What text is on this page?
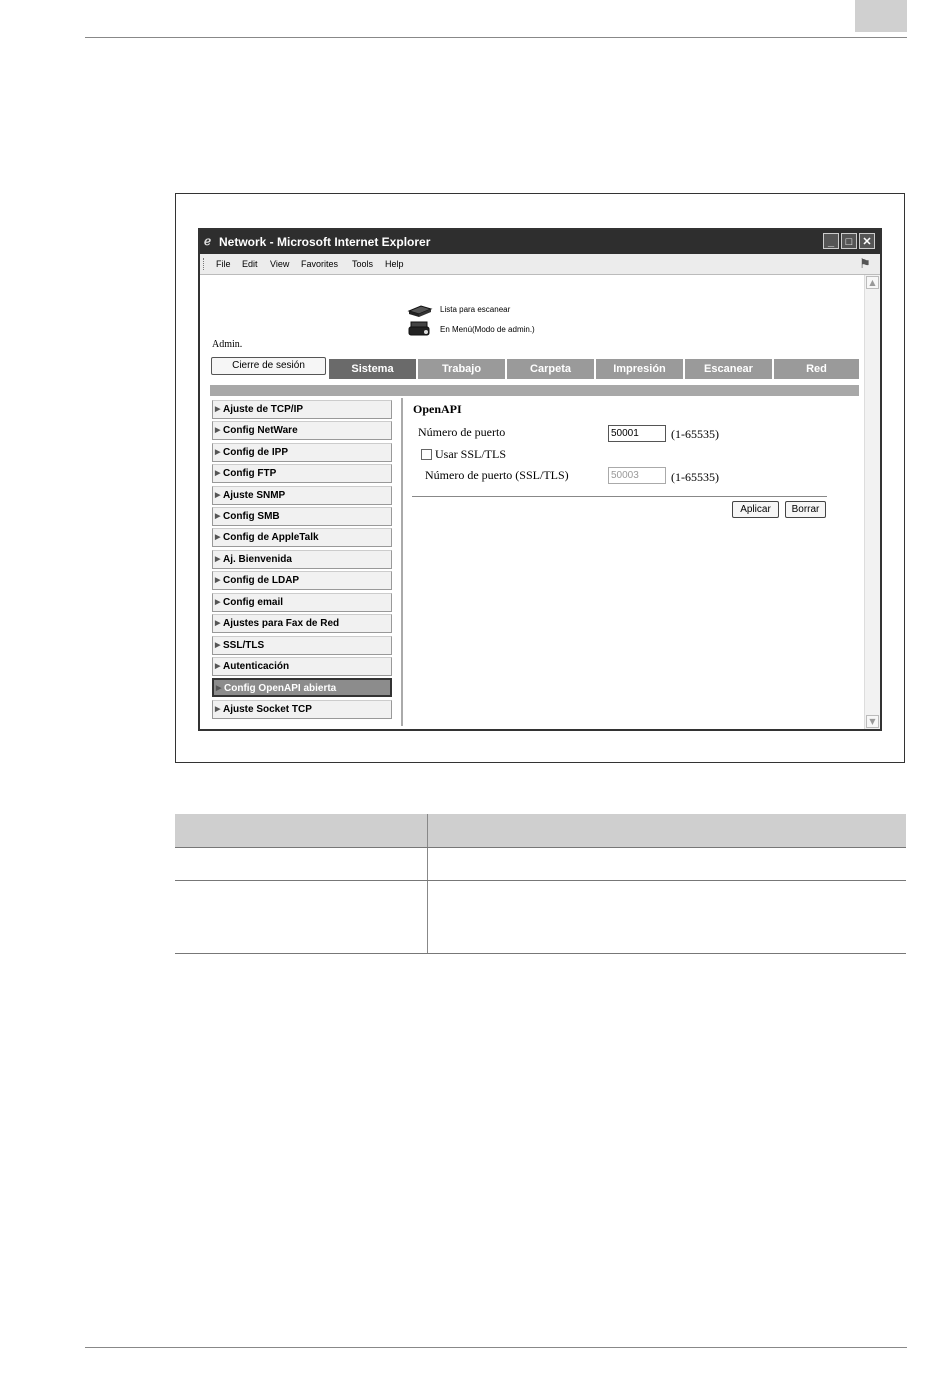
ℯ Network - Microsoft Internet Explorer	_	□ ✕
File Edit View Favorites Tools Help	⚑
Lista para escanear
En Menú(Modo de admin.)
Admin.
Cierre de sesión	Sistema	Trabajo	Carpeta	Impresión	Escanear	Red
▶ Ajuste de TCP/IP
▶ Config NetWare
▶ Config de IPP
▶ Config FTP
▶ Ajuste SNMP
▶ Config SMB
▶ Config de AppleTalk
▶ Aj. Bienvenida
▶ Config de LDAP
▶ Config email
▶ Ajustes para Fax de Red
▶ SSL/TLS
▶ Autenticación
▶ Config OpenAPI abierta
▶ Ajuste Socket TCP
OpenAPI
Número de puerto	50001	(1-65535)
Usar SSL/TLS
Número de puerto (SSL/TLS)	50003	(1-65535)
Aplicar	Borrar
▲
▼
